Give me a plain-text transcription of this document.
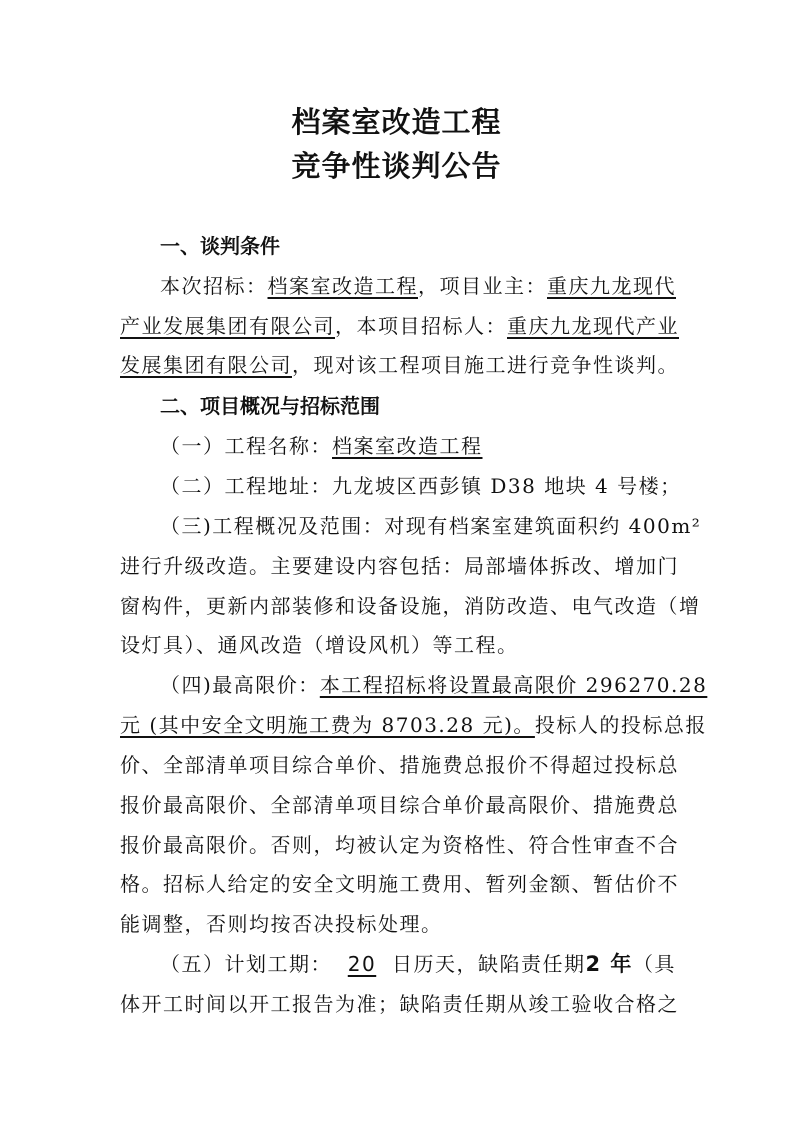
档案室改造工程
竞争性谈判公告
一、谈判条件
本次招标：档案室改造工程，项目业主：重庆九龙现代
产业发展集团有限公司，本项目招标人：重庆九龙现代产业
发展集团有限公司，现对该工程项目施工进行竞争性谈判。
二、项目概况与招标范围
（一）工程名称：档案室改造工程
（二）工程地址：九龙坡区西彭镇 D38 地块 4 号楼；
（三)工程概况及范围：对现有档案室建筑面积约 400m²
进行升级改造。主要建设内容包括：局部墙体拆改、增加门
窗构件，更新内部装修和设备设施，消防改造、电气改造（增
设灯具）、通风改造（增设风机）等工程。
（四)最高限价：本工程招标将设置最高限价 296270.28
元 (其中安全文明施工费为 8703.28 元)。投标人的投标总报
价、全部清单项目综合单价、措施费总报价不得超过投标总
报价最高限价、全部清单项目综合单价最高限价、措施费总
报价最高限价。否则，均被认定为资格性、符合性审查不合
格。招标人给定的安全文明施工费用、暂列金额、暂估价不
能调整，否则均按否决投标处理。
（五）计划工期： 20 日历天，缺陷责任期2 年（具
体开工时间以开工报告为准；缺陷责任期从竣工验收合格之
